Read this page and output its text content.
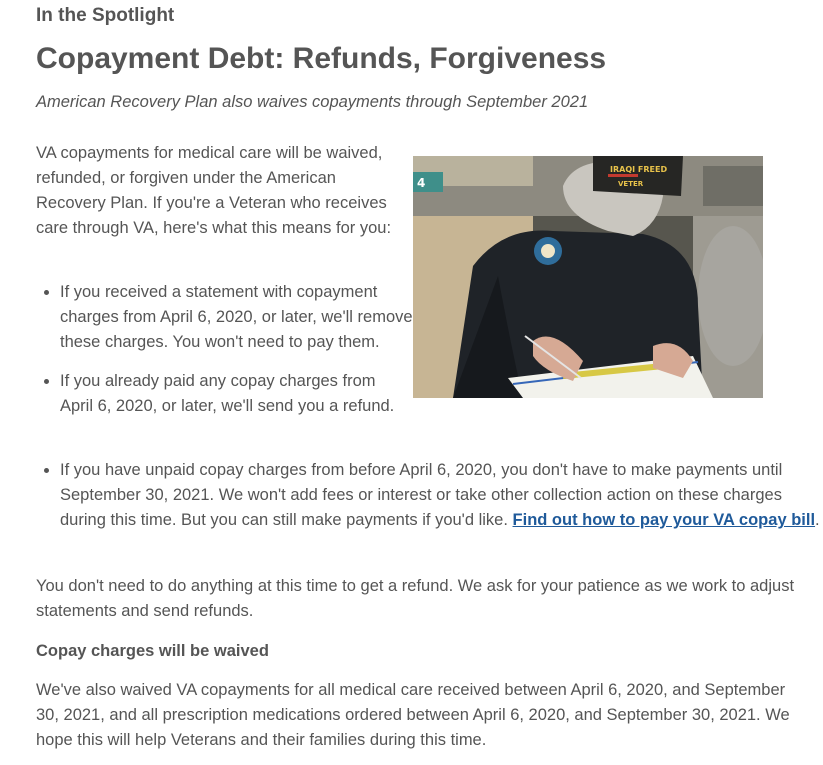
In the Spotlight
Copayment Debt: Refunds, Forgiveness
American Recovery Plan also waives copayments through September 2021

VA copayments for medical care will be waived, refunded, or forgiven under the American Recovery Plan. If you're a Veteran who receives care through VA, here's what this means for you:

4
IRAQI FREED
VETER
• If you received a statement with copayment charges from April 6, 2020, or later, we'll remove these charges. You won't need to pay them.
• If you already paid any copay charges from April 6, 2020, or later, we'll send you a refund.
• If you have unpaid copay charges from before April 6, 2020, you don't have to make payments until September 30, 2021. We won't add fees or interest or take other collection action on these charges during this time. But you can still make payments if you'd like. Find out how to pay your VA copay bill.

You don't need to do anything at this time to get a refund. We ask for your patience as we work to adjust statements and send refunds.

Copay charges will be waived

We've also waived VA copayments for all medical care received between April 6, 2020, and September 30, 2021, and all prescription medications ordered between April 6, 2020, and September 30, 2021. We hope this will help Veterans and their families during this time.
